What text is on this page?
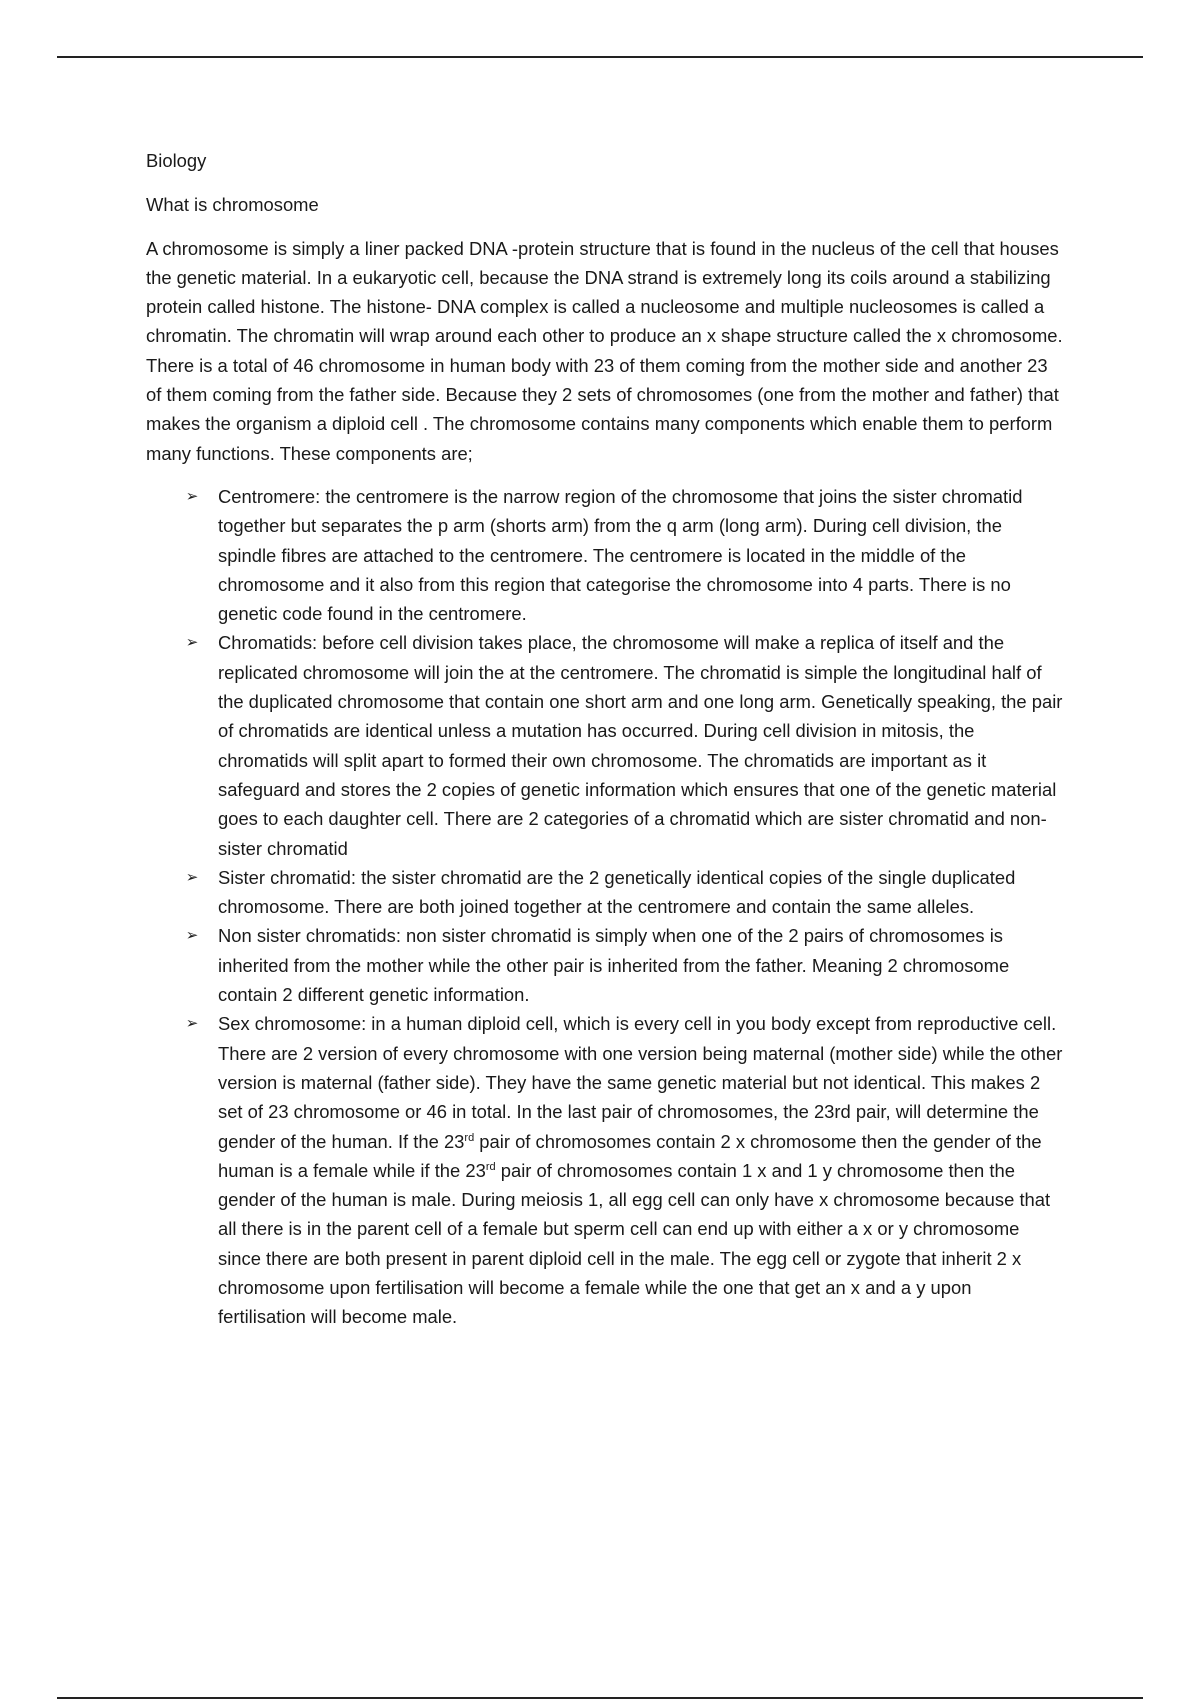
Biology

What is chromosome

A chromosome is simply a liner packed DNA -protein structure that is found in the nucleus of the cell that houses the genetic material. In a eukaryotic cell, because the DNA strand is extremely long its coils around a stabilizing protein called histone. The histone- DNA complex is called a nucleosome and multiple nucleosomes is called a chromatin. The chromatin will wrap around each other to produce an x shape structure called the x chromosome. There is a total of 46 chromosome in human body with 23 of them coming from the mother side and another 23 of them coming from the father side. Because they 2 sets of chromosomes (one from the mother and father) that makes the organism a diploid cell . The chromosome contains many components which enable them to perform many functions. These components are;

➢ Centromere: the centromere is the narrow region of the chromosome that joins the sister chromatid together but separates the p arm (shorts arm) from the q arm (long arm). During cell division, the spindle fibres are attached to the centromere. The centromere is located in the middle of the chromosome and it also from this region that categorise the chromosome into 4 parts. There is no genetic code found in the centromere.
➢ Chromatids: before cell division takes place, the chromosome will make a replica of itself and the replicated chromosome will join the at the centromere. The chromatid is simple the longitudinal half of the duplicated chromosome that contain one short arm and one long arm. Genetically speaking, the pair of chromatids are identical unless a mutation has occurred. During cell division in mitosis, the chromatids will split apart to formed their own chromosome. The chromatids are important as it safeguard and stores the 2 copies of genetic information which ensures that one of the genetic material goes to each daughter cell. There are 2 categories of a chromatid which are sister chromatid and non-sister chromatid
➢ Sister chromatid: the sister chromatid are the 2 genetically identical copies of the single duplicated chromosome. There are both joined together at the centromere and contain the same alleles.
➢ Non sister chromatids: non sister chromatid is simply when one of the 2 pairs of chromosomes is inherited from the mother while the other pair is inherited from the father. Meaning 2 chromosome contain 2 different genetic information.
➢ Sex chromosome: in a human diploid cell, which is every cell in you body except from reproductive cell. There are 2 version of every chromosome with one version being maternal (mother side) while the other version is maternal (father side). They have the same genetic material but not identical. This makes 2 set of 23 chromosome or 46 in total. In the last pair of chromosomes, the 23rd pair, will determine the gender of the human. If the 23rd pair of chromosomes contain 2 x chromosome then the gender of the human is a female while if the 23rd pair of chromosomes contain 1 x and 1 y chromosome then the gender of the human is male. During meiosis 1, all egg cell can only have x chromosome because that all there is in the parent cell of a female but sperm cell can end up with either a x or y chromosome since there are both present in parent diploid cell in the male. The egg cell or zygote that inherit 2 x chromosome upon fertilisation will become a female while the one that get an x and a y upon fertilisation will become male.
